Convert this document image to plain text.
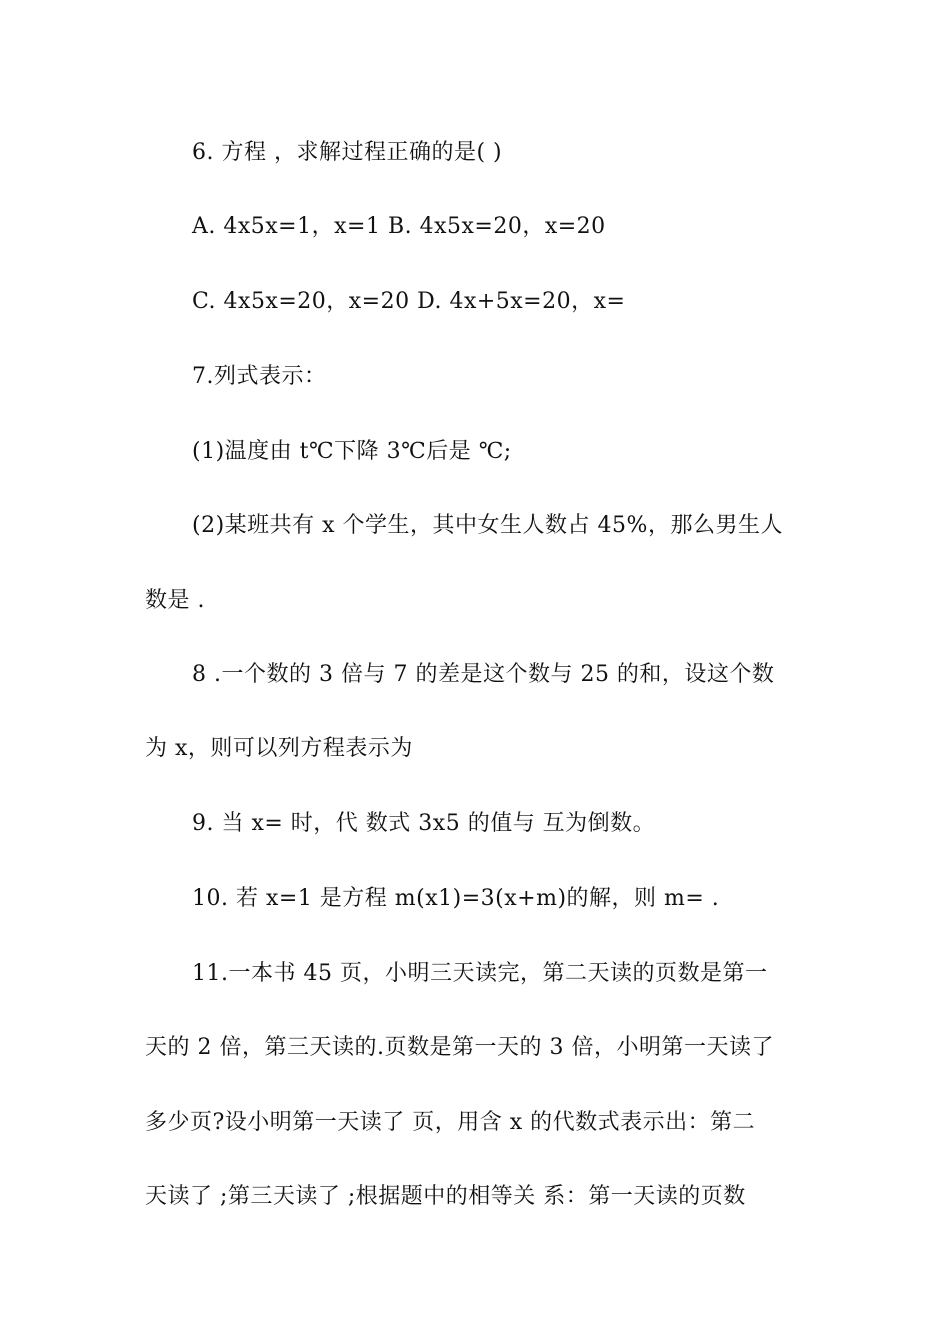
6. 方程 ，求解过程正确的是( )
A. 4x5x=1，x=1 B. 4x5x=20，x=20
C. 4x5x=20，x=20 D. 4x+5x=20，x=
7.列式表示：
(1)温度由 t℃下降 3℃后是 ℃;
(2)某班共有 x 个学生，其中女生人数占 45%，那么男生人
数是 .
8 .一个数的 3 倍与 7 的差是这个数与 25 的和，设这个数
为 x，则可以列方程表示为
9. 当 x= 时，代 数式 3x5 的值与 互为倒数。
10. 若 x=1 是方程 m(x1)=3(x+m)的解，则 m= .
11.一本书 45 页，小明三天读完，第二天读的页数是第一
天的 2 倍，第三天读的.页数是第一天的 3 倍，小明第一天读了
多少页?设小明第一天读了 页，用含 x 的代数式表示出：第二
天读了 ;第三天读了 ;根据题中的相等关 系：第一天读的页数
